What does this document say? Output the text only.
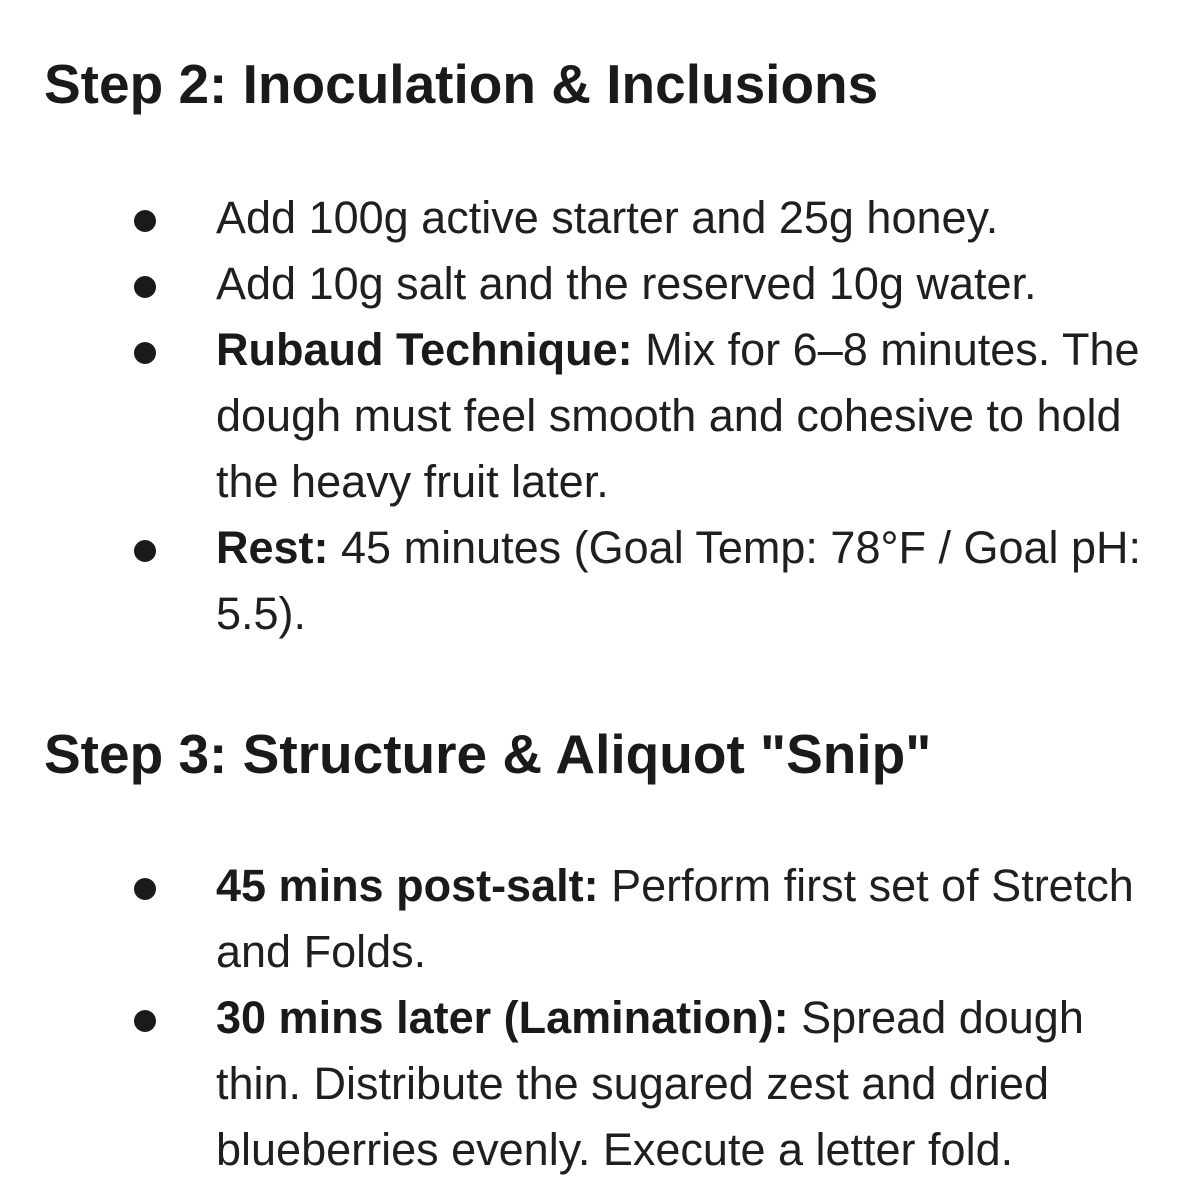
Step 2: Inoculation & Inclusions
Add 100g active starter and 25g honey.
Add 10g salt and the reserved 10g water.
Rubaud Technique: Mix for 6–8 minutes. The dough must feel smooth and cohesive to hold the heavy fruit later.
Rest: 45 minutes (Goal Temp: 78°F / Goal pH: 5.5).
Step 3: Structure & Aliquot "Snip"
45 mins post-salt: Perform first set of Stretch and Folds.
30 mins later (Lamination): Spread dough thin. Distribute the sugared zest and dried blueberries evenly. Execute a letter fold.
